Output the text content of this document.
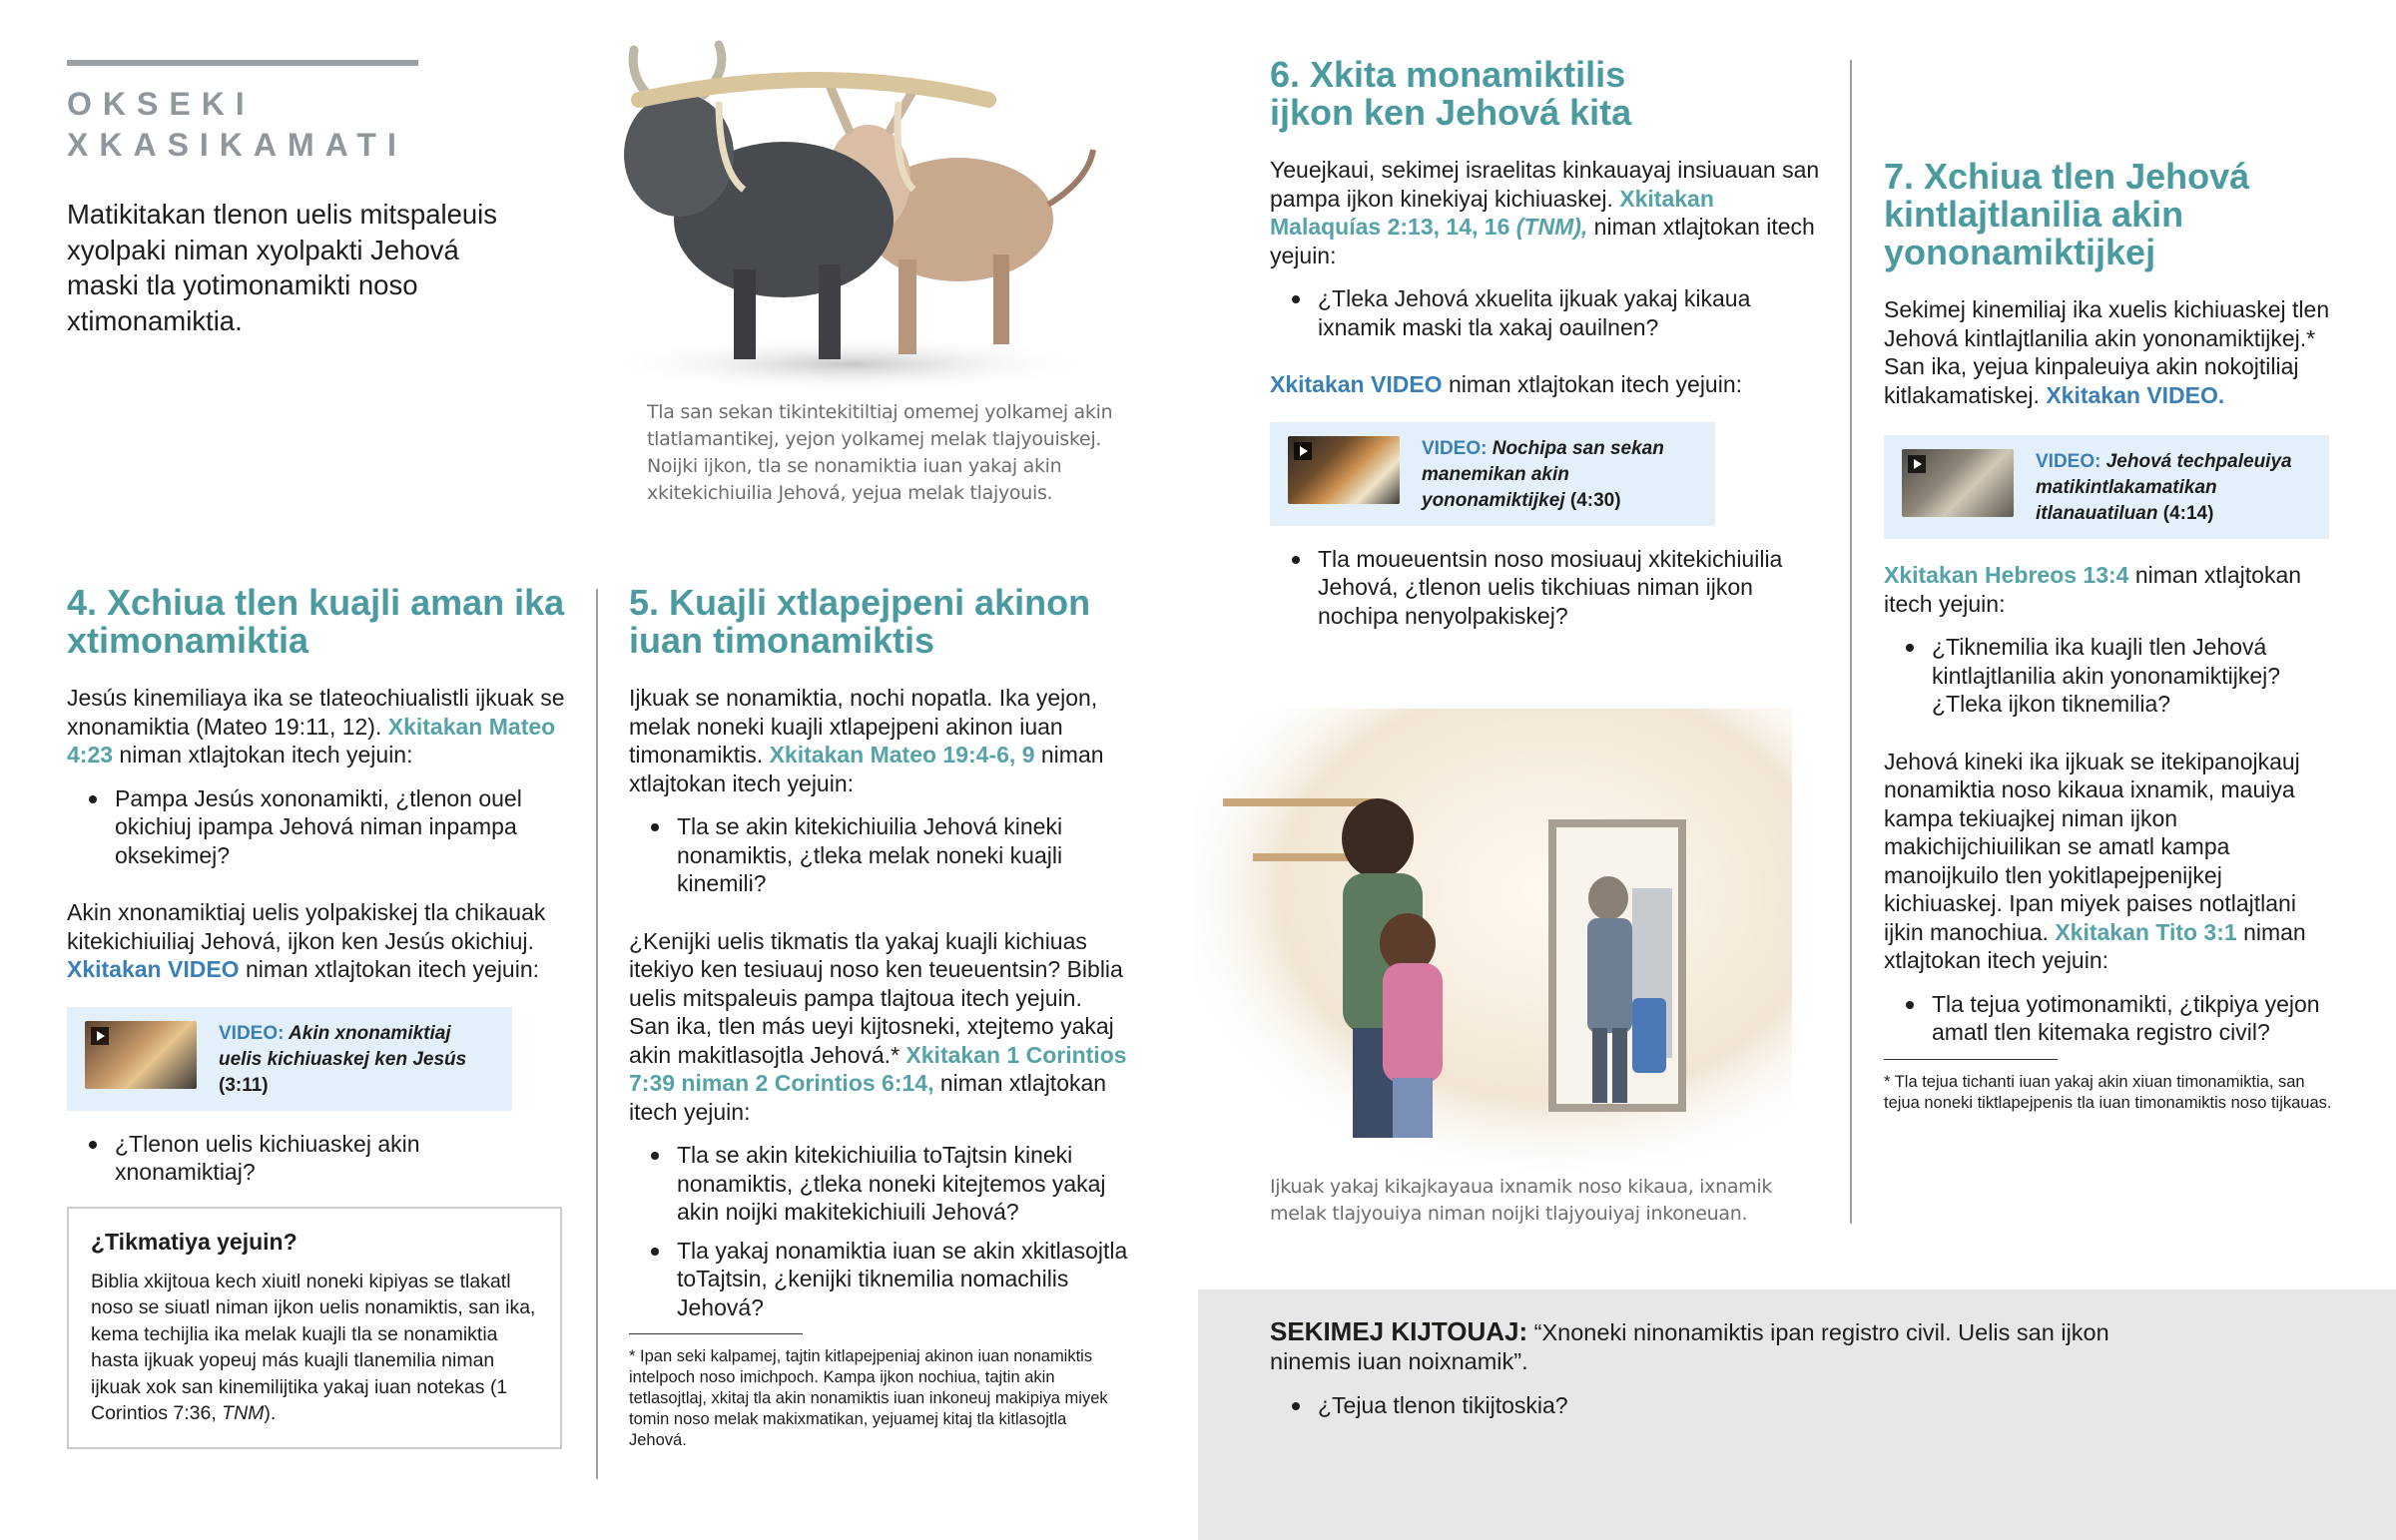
OKSEKI
XKASIKAMATI

Matikitakan tlenon uelis mitspaleuis xyolpaki niman xyolpakti Jehová maski tla yotimonamikti noso xtimonamiktia.

Tla san sekan tikintekitiltiaj omemej yolkamej akin tlatlamantikej, yejon yolkamej melak tlajyouiskej. Noijki ijkon, tla se nonamiktia iuan yakaj akin xkitekichiuilia Jehová, yejua melak tlajyouis.

4. Xchiua tlen kuajli aman ika xtimonamiktia

Jesús kinemiliaya ika se tlateochiualistli ijkuak se xnonamiktia (Mateo 19:11, 12). Xkitakan Mateo 4:23 niman xtlajtokan itech yejuin:

Pampa Jesús xononamikti, ¿tlenon ouel okichiuj ipampa Jehová niman inpampa oksekimej?

Akin xnonamiktiaj uelis yolpakiskej tla chikauak kitekichiuiliaj Jehová, ijkon ken Jesús okichiuj. Xkitakan VIDEO niman xtlajtokan itech yejuin:

VIDEO: Akin xnonamiktiaj uelis kichiuaskej ken Jesús (3:11)
¿Tlenon uelis kichiuaskej akin xnonamiktiaj?
¿Tikmatiya yejuin?

Biblia xkijtoua kech xiuitl noneki kipiyas se tlakatl noso se siuatl niman ijkon uelis nonamiktis, san ika, kema techijlia ika melak kuajli tla se nonamiktia hasta ijkuak yopeuj más kuajli tlanemilia niman ijkuak xok san kinemilijtika yakaj iuan notekas (1 Corintios 7:36, TNM).

5. Kuajli xtlapejpeni akinon iuan timonamiktis

Ijkuak se nonamiktia, nochi nopatla. Ika yejon, melak noneki kuajli xtlapejpeni akinon iuan timonamiktis. Xkitakan Mateo 19:4-6, 9 niman xtlajtokan itech yejuin:

Tla se akin kitekichiuilia Jehová kineki nonamiktis, ¿tleka melak noneki kuajli kinemili?

¿Kenijki uelis tikmatis tla yakaj kuajli kichiuas itekiyo ken tesiuauj noso ken teueuentsin? Biblia uelis mitspaleuis pampa tlajtoua itech yejuin. San ika, tlen más ueyi kijtosneki, xtejtemo yakaj akin makitlasojtla Jehová.* Xkitakan 1 Corintios 7:39 niman 2 Corintios 6:14, niman xtlajtokan itech yejuin:

Tla se akin kitekichiuilia toTajtsin kineki nonamiktis, ¿tleka noneki kitejtemos yakaj akin noijki makitekichiuili Jehová?
Tla yakaj nonamiktia iuan se akin xkitlasojtla toTajtsin, ¿kenijki tiknemilia nomachilis Jehová?

* Ipan seki kalpamej, tajtin kitlapejpeniaj akinon iuan nonamiktis intelpoch noso imichpoch. Kampa ijkon nochiua, tajtin akin tetlasojtlaj, xkitaj tla akin nonamiktis iuan inkoneuj makipiya miyek tomin noso melak makixmatikan, yejuamej kitaj tla kitlasojtla Jehová.

6. Xkita monamiktilis
ijkon ken Jehová kita

Yeuejkaui, sekimej israelitas kinkauayaj insiuauan san pampa ijkon kinekiyaj kichiuaskej. Xkitakan Malaquías 2:13, 14, 16 (TNM), niman xtlajtokan itech yejuin:

¿Tleka Jehová xkuelita ijkuak yakaj kikaua ixnamik maski tla xakaj oauilnen?

Xkitakan VIDEO niman xtlajtokan itech yejuin:

VIDEO: Nochipa san sekan manemikan akin yononamiktijkej (4:30)
Tla moueuentsin noso mosiuauj xkitekichiuilia Jehová, ¿tlenon uelis tikchiuas niman ijkon nochipa nenyolpakiskej?

Ijkuak yakaj kikajkayaua ixnamik noso kikaua, ixnamik melak tlajyouiya niman noijki tlajyouiyaj inkoneuan.

7. Xchiua tlen Jehová kintlajtlanilia akin yononamiktijkej

Sekimej kinemiliaj ika xuelis kichiuaskej tlen Jehová kintlajtlanilia akin yononamiktijkej.* San ika, yejua kinpaleuiya akin nokojtiliaj kitlakamatiskej. Xkitakan VIDEO.

VIDEO: Jehová techpaleuiya matikintlakamatikan itlanauatiluan (4:14)

Xkitakan Hebreos 13:4 niman xtlajtokan itech yejuin:

¿Tiknemilia ika kuajli tlen Jehová kintlajtlanilia akin yononamiktijkej? ¿Tleka ijkon tiknemilia?

Jehová kineki ika ijkuak se itekipanojkauj nonamiktia noso kikaua ixnamik, mauiya kampa tekiuajkej niman ijkon makichijchiuilikan se amatl kampa manoijkuilo tlen yokitlapejpenijkej kichiuaskej. Ipan miyek paises notlajtlani ijkin manochiua. Xkitakan Tito 3:1 niman xtlajtokan itech yejuin:

Tla tejua yotimonamikti, ¿tikpiya yejon amatl tlen kitemaka registro civil?

* Tla tejua tichanti iuan yakaj akin xiuan timonamiktia, san tejua noneki tiktlapejpenis tla iuan timonamiktis noso tijkauas.

SEKIMEJ KIJTOUAJ: “Xnoneki ninonamiktis ipan registro civil. Uelis san ijkon ninemis iuan noixnamik”.

¿Tejua tlenon tikijtoskia?
